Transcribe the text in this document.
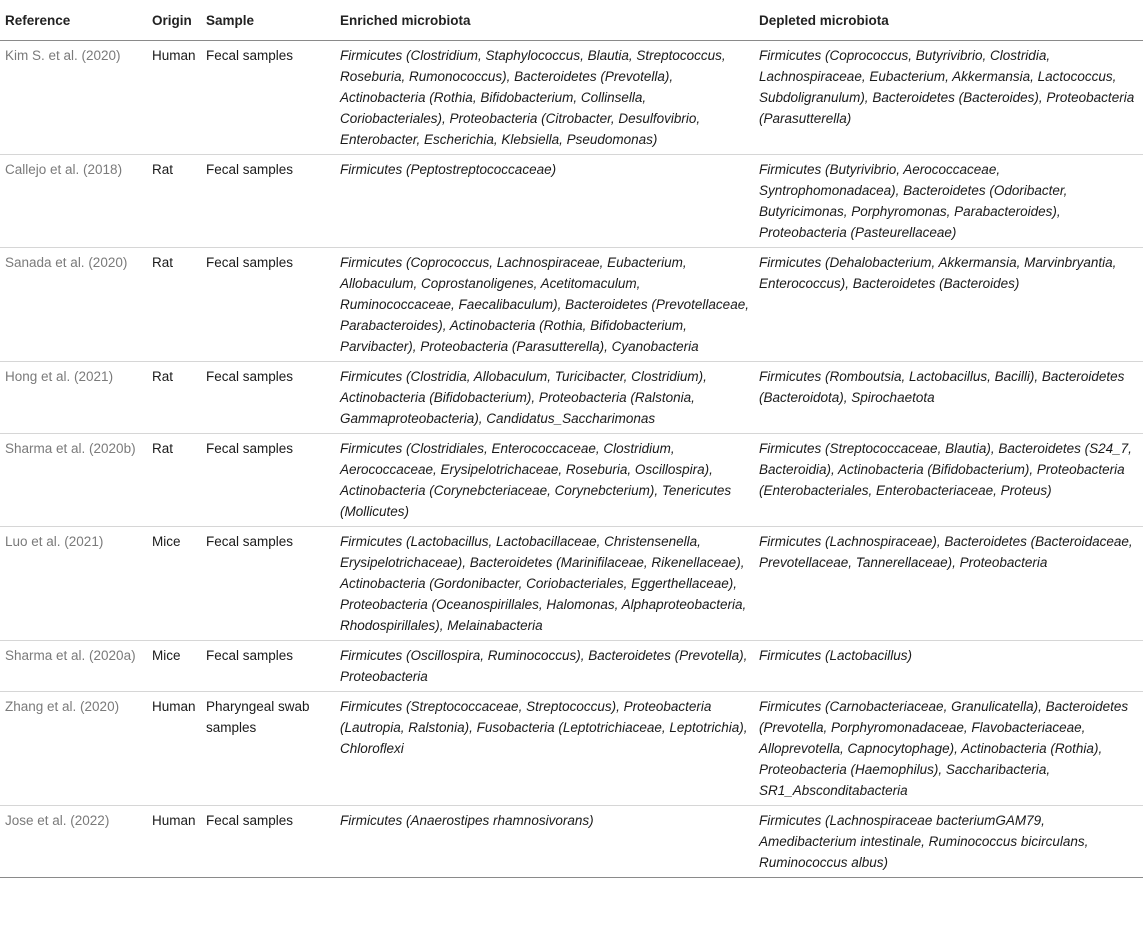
Reference	Origin	Sample	Enriched microbiota	Depleted microbiota
Kim S. et al. (2020)	Human	Fecal samples	Firmicutes (Clostridium, Staphylococcus, Blautia, Streptococcus, Roseburia, Rumonococcus), Bacteroidetes (Prevotella), Actinobacteria (Rothia, Bifidobacterium, Collinsella, Coriobacteriales), Proteobacteria (Citrobacter, Desulfovibrio, Enterobacter, Escherichia, Klebsiella, Pseudomonas)	Firmicutes (Coprococcus, Butyrivibrio, Clostridia, Lachnospiraceae, Eubacterium, Akkermansia, Lactococcus, Subdoligranulum), Bacteroidetes (Bacteroides), Proteobacteria (Parasutterella)
Callejo et al. (2018)	Rat	Fecal samples	Firmicutes (Peptostreptococcaceae)	Firmicutes (Butyrivibrio, Aerococcaceae, Syntrophomonadacea), Bacteroidetes (Odoribacter, Butyricimonas, Porphyromonas, Parabacteroides), Proteobacteria (Pasteurellaceae)
Sanada et al. (2020)	Rat	Fecal samples	Firmicutes (Coprococcus, Lachnospiraceae, Eubacterium, Allobaculum, Coprostanoligenes, Acetitomaculum, Ruminococcaceae, Faecalibaculum), Bacteroidetes (Prevotellaceae, Parabacteroides), Actinobacteria (Rothia, Bifidobacterium, Parvibacter), Proteobacteria (Parasutterella), Cyanobacteria	Firmicutes (Dehalobacterium, Akkermansia, Marvinbryantia, Enterococcus), Bacteroidetes (Bacteroides)
Hong et al. (2021)	Rat	Fecal samples	Firmicutes (Clostridia, Allobaculum, Turicibacter, Clostridium), Actinobacteria (Bifidobacterium), Proteobacteria (Ralstonia, Gammaproteobacteria), Candidatus_Saccharimonas	Firmicutes (Romboutsia, Lactobacillus, Bacilli), Bacteroidetes (Bacteroidota), Spirochaetota
Sharma et al. (2020b)	Rat	Fecal samples	Firmicutes (Clostridiales, Enterococcaceae, Clostridium, Aerococcaceae, Erysipelotrichaceae, Roseburia, Oscillospira), Actinobacteria (Corynebcteriaceae, Corynebcterium), Tenericutes (Mollicutes)	Firmicutes (Streptococcaceae, Blautia), Bacteroidetes (S24_7, Bacteroidia), Actinobacteria (Bifidobacterium), Proteobacteria (Enterobacteriales, Enterobacteriaceae, Proteus)
Luo et al. (2021)	Mice	Fecal samples	Firmicutes (Lactobacillus, Lactobacillaceae, Christensenella, Erysipelotrichaceae), Bacteroidetes (Marinifilaceae, Rikenellaceae), Actinobacteria (Gordonibacter, Coriobacteriales, Eggerthellaceae), Proteobacteria (Oceanospirillales, Halomonas, Alphaproteobacteria, Rhodospirillales), Melainabacteria	Firmicutes (Lachnospiraceae), Bacteroidetes (Bacteroidaceae, Prevotellaceae, Tannerellaceae), Proteobacteria
Sharma et al. (2020a)	Mice	Fecal samples	Firmicutes (Oscillospira, Ruminococcus), Bacteroidetes (Prevotella), Proteobacteria	Firmicutes (Lactobacillus)
Zhang et al. (2020)	Human	Pharyngeal swab samples	Firmicutes (Streptococcaceae, Streptococcus), Proteobacteria (Lautropia, Ralstonia), Fusobacteria (Leptotrichiaceae, Leptotrichia), Chloroflexi	Firmicutes (Carnobacteriaceae, Granulicatella), Bacteroidetes (Prevotella, Porphyromonadaceae, Flavobacteriaceae, Alloprevotella, Capnocytophage), Actinobacteria (Rothia), Proteobacteria (Haemophilus), Saccharibacteria, SR1_Absconditabacteria
Jose et al. (2022)	Human	Fecal samples	Firmicutes (Anaerostipes rhamnosivorans)	Firmicutes (Lachnospiraceae bacteriumGAM79, Amedibacterium intestinale, Ruminococcus bicirculans, Ruminococcus albus)
